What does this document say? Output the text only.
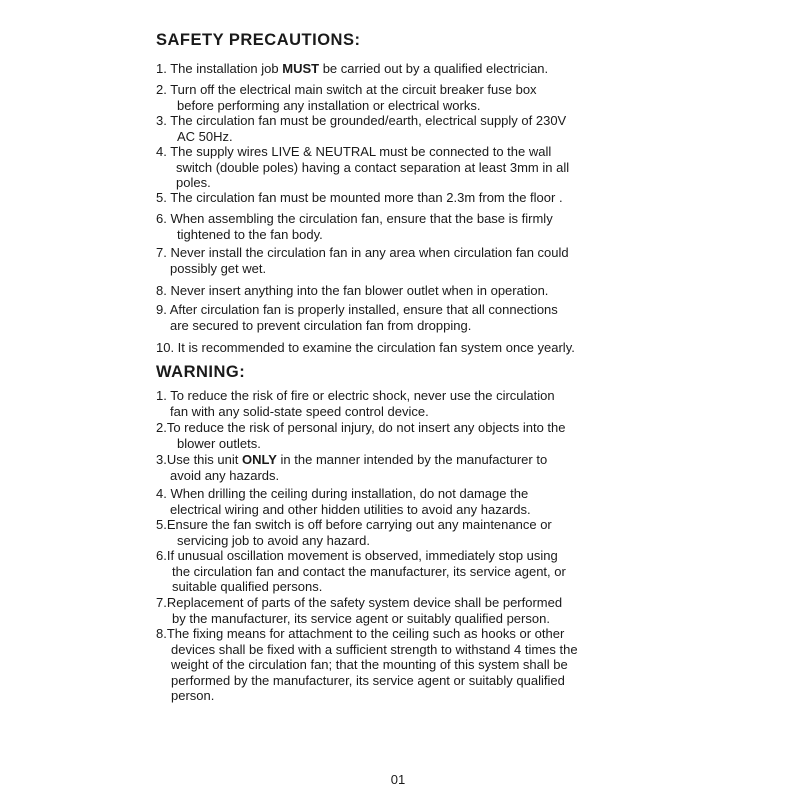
SAFETY PRECAUTIONS:
1. The installation job MUST be carried out by a qualified electrician.
2. Turn off the electrical main switch at the circuit breaker fuse box
before performing any installation or electrical works.
3. The circulation fan must be grounded/earth, electrical supply of 230V
AC 50Hz.
4. The supply wires LIVE & NEUTRAL must be connected to the wall
switch (double poles) having a contact separation at least 3mm in all
poles.
5. The circulation fan must be mounted more than 2.3m from the floor .
6. When assembling the circulation fan, ensure that the base is firmly
tightened to the fan body.
7. Never install the circulation fan in any area when circulation fan could
possibly get wet.
8. Never insert anything into the fan blower outlet when in operation.
9. After circulation fan is properly installed, ensure that all connections
are secured to prevent circulation fan from dropping.
10. It is recommended to examine the circulation fan system once yearly.
WARNING:
1. To reduce the risk of fire or electric shock, never use the circulation
fan with any solid-state speed control device.
2.To reduce the risk of personal injury, do not insert any objects into the
blower outlets.
3.Use this unit ONLY in the manner intended by the manufacturer to
avoid any hazards.
4. When drilling the ceiling during installation, do not damage the
electrical wiring and other hidden utilities to avoid any hazards.
5.Ensure the fan switch is off before carrying out any maintenance or
servicing job to avoid any hazard.
6.If unusual oscillation movement is observed, immediately stop using
the circulation fan and contact the manufacturer, its service agent, or
suitable qualified persons.
7.Replacement of parts of the safety system device shall be performed
by the manufacturer, its service agent or suitably qualified person.
8.The fixing means for attachment to the ceiling such as hooks or other
devices shall be fixed with a sufficient strength to withstand 4 times the
weight of the circulation fan; that the mounting of this system shall be
performed by the manufacturer, its service agent or suitably qualified
person.
01
